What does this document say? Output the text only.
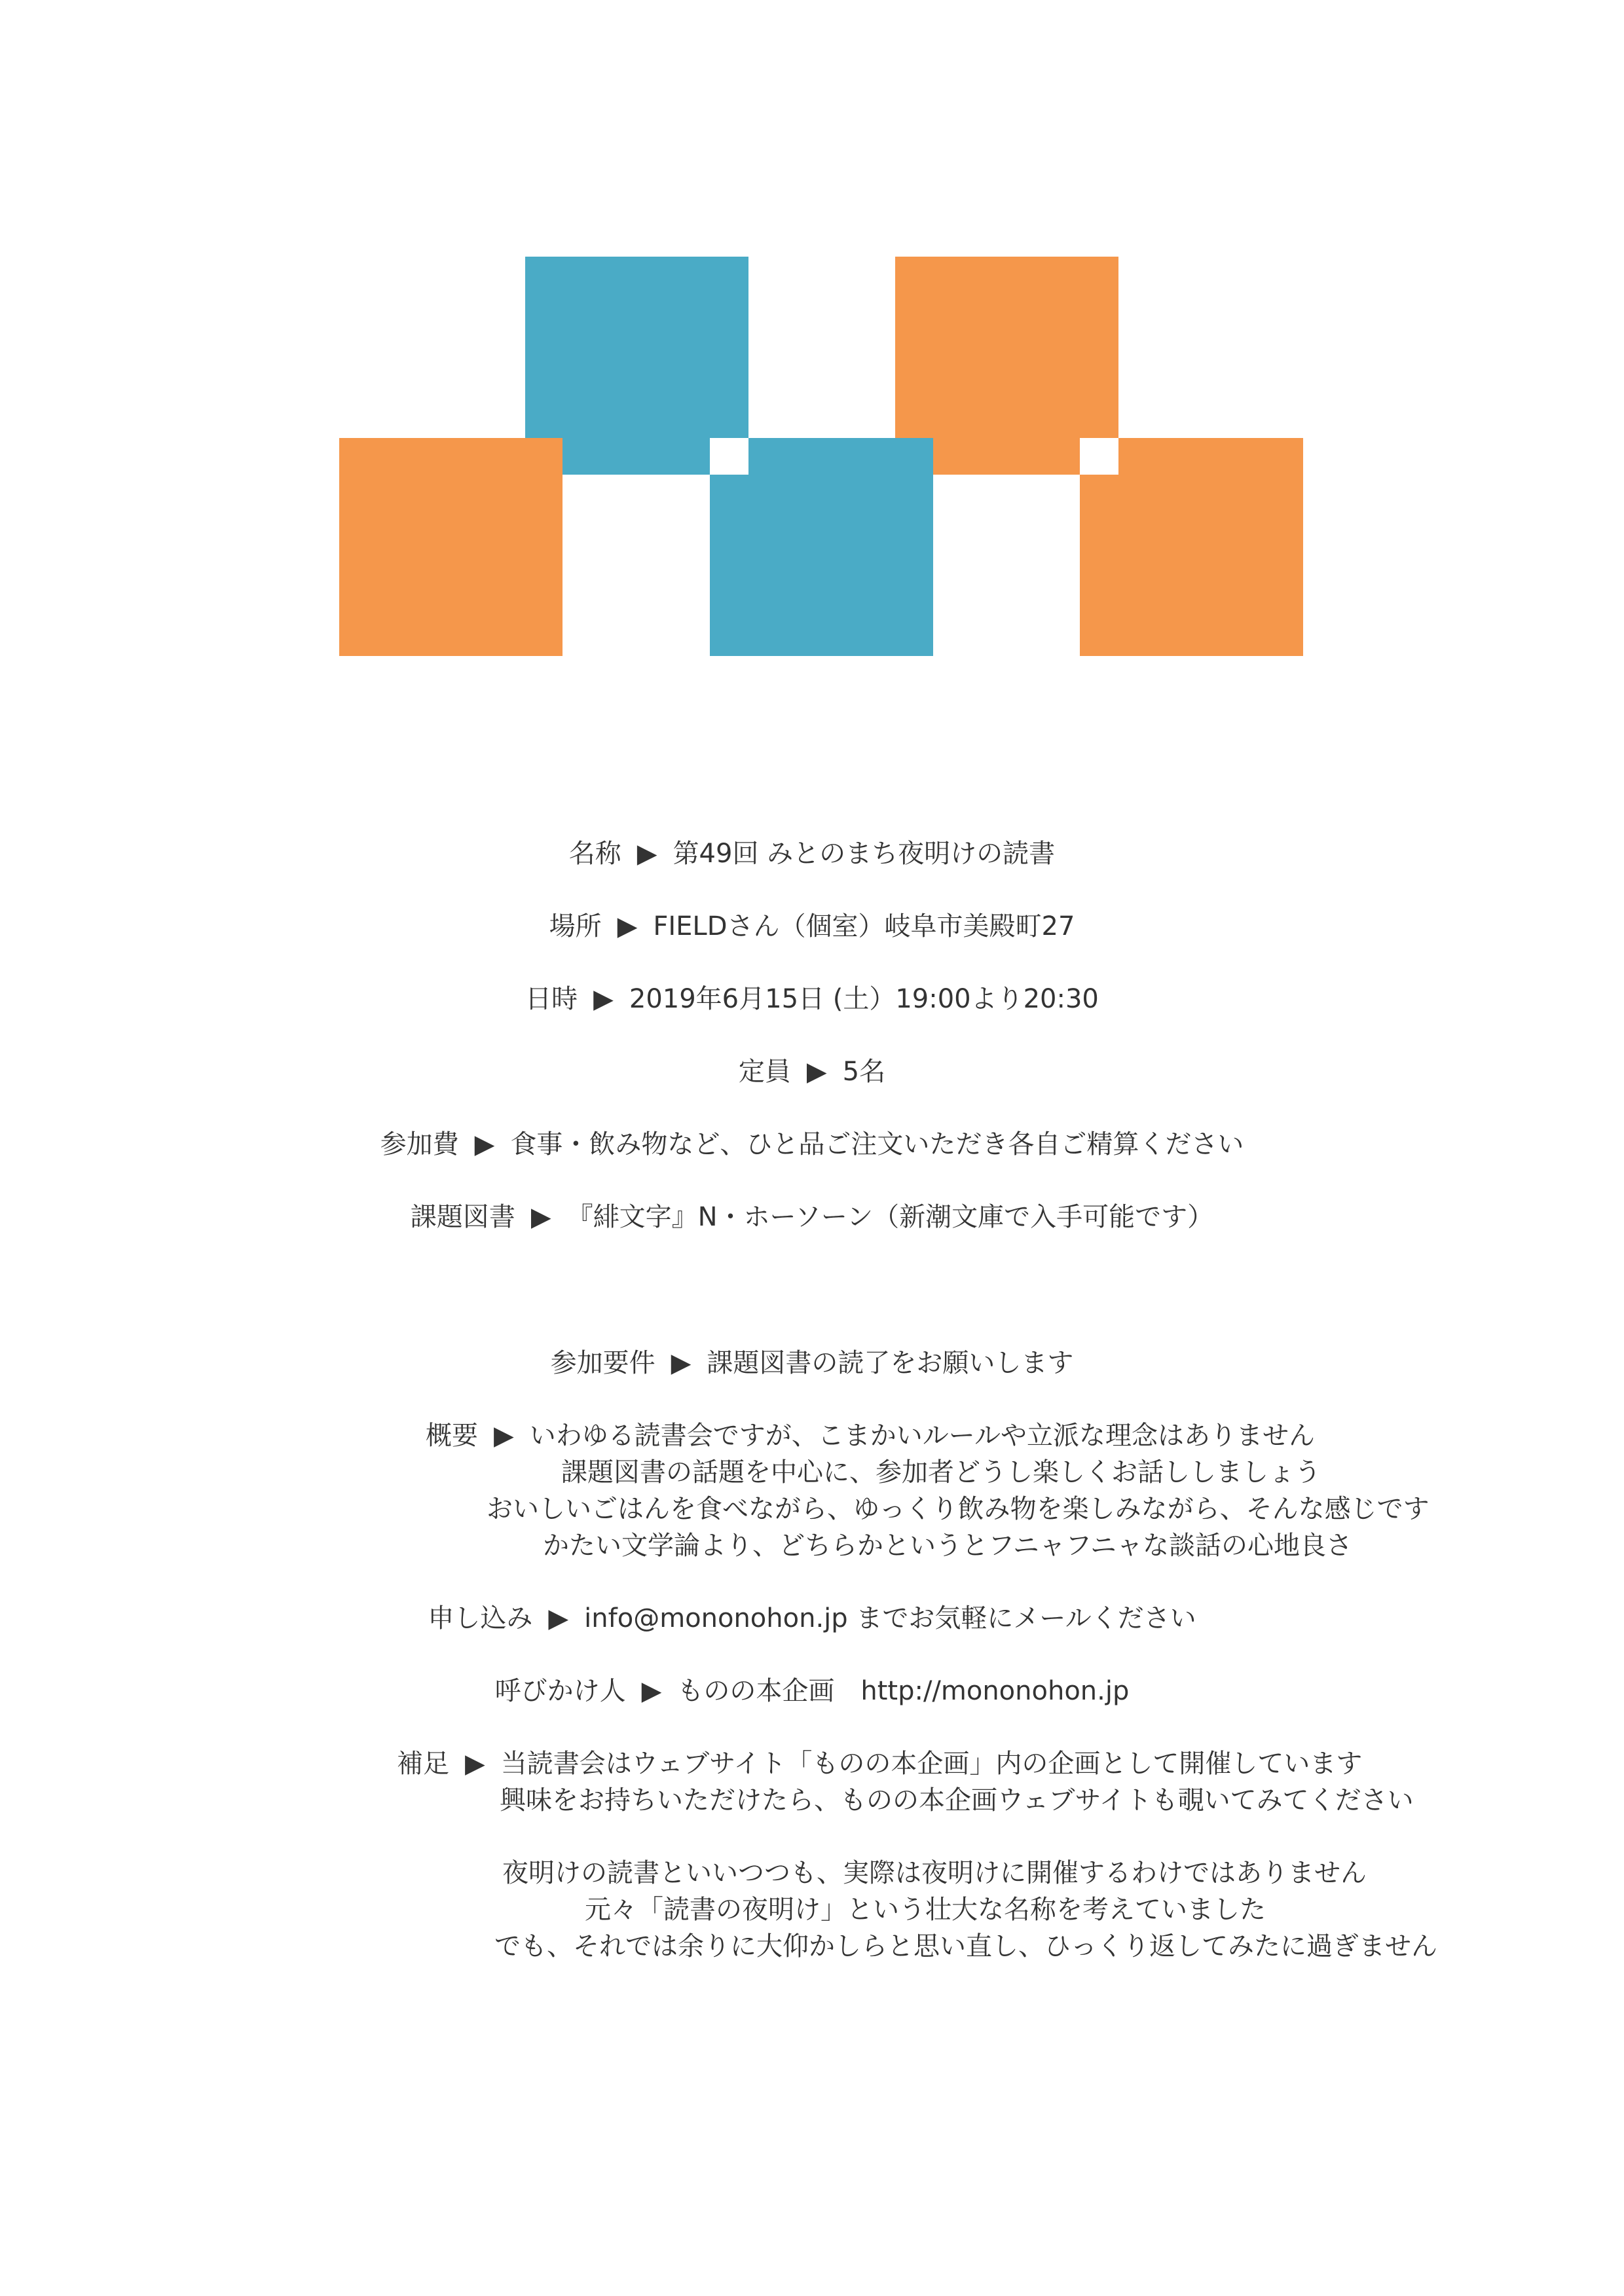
名称 ▶ 第49回 みとのまち夜明けの読書
場所 ▶ FIELDさん（個室）岐阜市美殿町27
日時 ▶ 2019年6月15日 (土）19:00より20:30
定員 ▶ 5名
参加費 ▶ 食事・飲み物など、ひと品ご注文いただき各自ご精算ください
課題図書 ▶ 『緋文字』N・ホーソーン（新潮文庫で入手可能です）
参加要件 ▶ 課題図書の読了をお願いします
概要 ▶ いわゆる読書会ですが、こまかいルールや立派な理念はありません
課題図書の話題を中心に、参加者どうし楽しくお話ししましょう
おいしいごはんを食べながら、ゆっくり飲み物を楽しみながら、そんな感じです
かたい文学論より、どちらかというとフニャフニャな談話の心地良さ
申し込み ▶ info@mononohon.jp までお気軽にメールください
呼びかけ人 ▶ ものの本企画　http://mononohon.jp
補足 ▶ 当読書会はウェブサイト「ものの本企画」内の企画として開催しています
興味をお持ちいただけたら、ものの本企画ウェブサイトも覗いてみてください
夜明けの読書といいつつも、実際は夜明けに開催するわけではありません
元々「読書の夜明け」という壮大な名称を考えていました
でも、それでは余りに大仰かしらと思い直し、ひっくり返してみたに過ぎません
